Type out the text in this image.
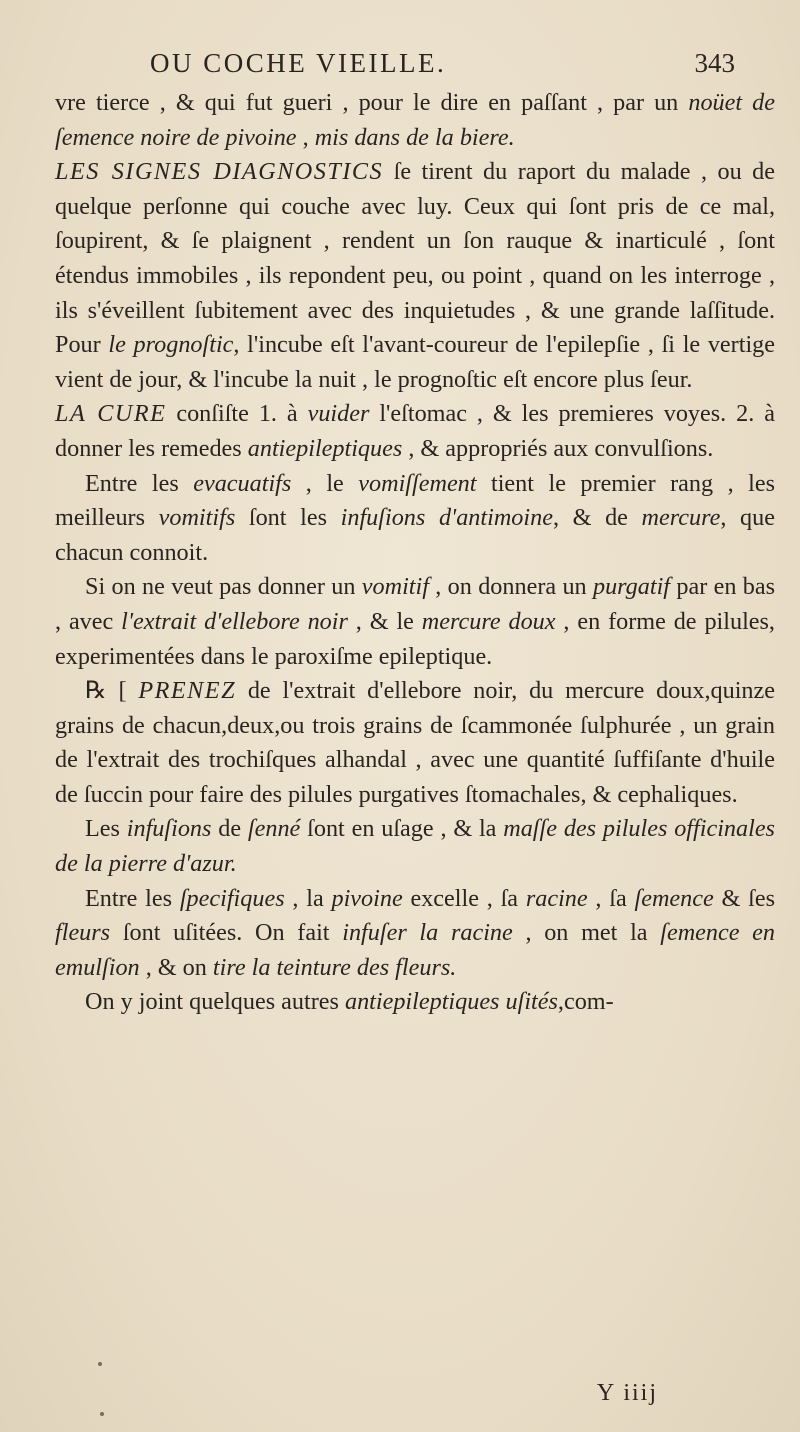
OU COCHE VIEILLE.	343

vre tierce , & qui fut gueri , pour le dire en paſſant , par un noüet de ſemence noire de pivoine , mis dans de la biere.

LES SIGNES DIAGNOSTICS ſe tirent du raport du malade , ou de quelque perſonne qui couche avec luy. Ceux qui ſont pris de ce mal, ſoupirent, & ſe plaignent , rendent un ſon rauque & inarticulé , ſont étendus immobiles , ils repondent peu, ou point , quand on les interroge , ils s'éveillent ſubitement avec des inquietudes , & une grande laſſitude. Pour le prognoſtic, l'incube eſt l'avant-coureur de l'epilepſie , ſi le vertige vient de jour, & l'incube la nuit , le prognoſtic eſt encore plus ſeur.

LA CURE conſiſte 1. à vuider l'eſtomac , & les premieres voyes. 2. à donner les remedes antiepileptiques , & appropriés aux convulſions.

Entre les evacuatifs , le vomiſſement tient le premier rang , les meilleurs vomitifs ſont les infuſions d'antimoine, & de mercure, que chacun connoit.

Si on ne veut pas donner un vomitif , on donnera un purgatif par en bas , avec l'extrait d'ellebore noir , & le mercure doux , en forme de pilules, experimentées dans le paroxiſme epileptique.

℞ [ PRENEZ de l'extrait d'ellebore noir, du mercure doux,quinze grains de chacun,deux,ou trois grains de ſcammonée ſulphurée , un grain de l'extrait des trochiſques alhandal , avec une quantité ſuffiſante d'huile de ſuccin pour faire des pilules purgatives ſtomachales, & cephaliques.

Les infuſions de ſenné ſont en uſage , & la maſſe des pilules officinales de la pierre d'azur.

Entre les ſpecifiques , la pivoine excelle , ſa racine , ſa ſemence & ſes fleurs ſont uſitées. On fait infuſer la racine , on met la ſemence en emulſion , & on tire la teinture des fleurs.

On y joint quelques autres antiepileptiques uſités,com-

Y iiij
